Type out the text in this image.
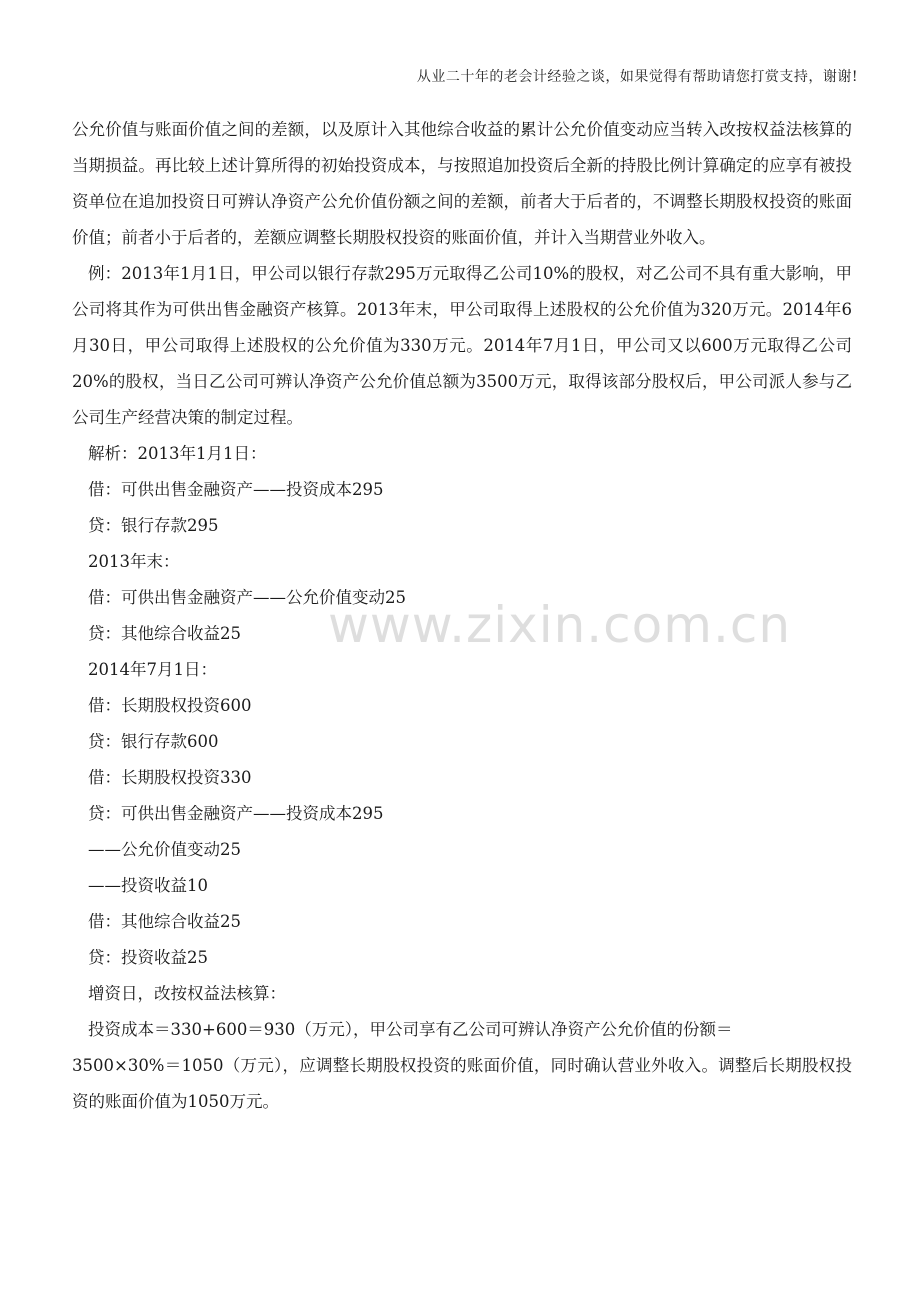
从业二十年的老会计经验之谈，如果觉得有帮助请您打赏支持，谢谢!
www.zixin.com.cn

公允价值与账面价值之间的差额，以及原计入其他综合收益的累计公允价值变动应当转入改按权益法核算的当期损益。再比较上述计算所得的初始投资成本，与按照追加投资后全新的持股比例计算确定的应享有被投资单位在追加投资日可辨认净资产公允价值份额之间的差额，前者大于后者的，不调整长期股权投资的账面价值；前者小于后者的，差额应调整长期股权投资的账面价值，并计入当期营业外收入。

例：2013年1月1日，甲公司以银行存款295万元取得乙公司10%的股权，对乙公司不具有重大影响，甲公司将其作为可供出售金融资产核算。2013年末，甲公司取得上述股权的公允价值为320万元。2014年6月30日，甲公司取得上述股权的公允价值为330万元。2014年7月1日，甲公司又以600万元取得乙公司20%的股权，当日乙公司可辨认净资产公允价值总额为3500万元，取得该部分股权后，甲公司派人参与乙公司生产经营决策的制定过程。

解析：2013年1月1日：

借：可供出售金融资产——投资成本295

贷：银行存款295

2013年末：

借：可供出售金融资产——公允价值变动25

贷：其他综合收益25

2014年7月1日：

借：长期股权投资600

贷：银行存款600

借：长期股权投资330

贷：可供出售金融资产——投资成本295

——公允价值变动25

——投资收益10

借：其他综合收益25

贷：投资收益25

增资日，改按权益法核算：

投资成本＝330+600＝930（万元），甲公司享有乙公司可辨认净资产公允价值的份额＝

3500×30%＝1050（万元），应调整长期股权投资的账面价值，同时确认营业外收入。调整后长期股权投资的账面价值为1050万元。
